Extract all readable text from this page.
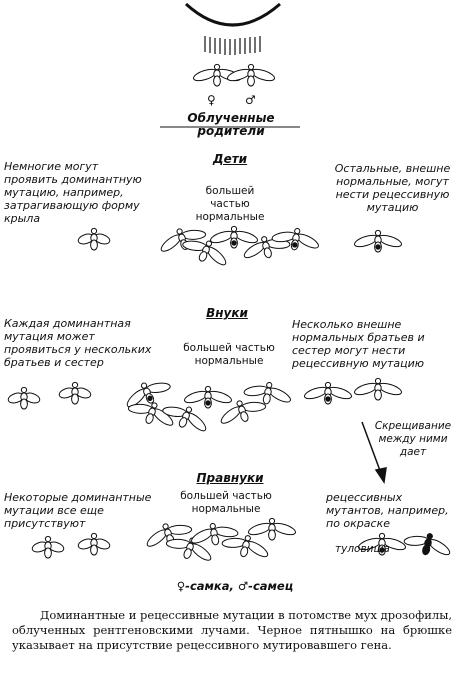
♀ ♂
Облученные родители
Дети
Немногие могут проявить доминантную мутацию, например, затрагивающую форму крыла
большей частью нормальные
Остальные, внешне нормальные, могут нести рецессивную мутацию
Внуки
Каждая доминантная мутация может проявиться у нескольких братьев и сестер
большей частью нормальные
Несколько внешне нормальных братьев и сестер могут нести рецессивную мутацию
Скрещивание между ними дает
Правнуки
Некоторые доминантные мутации все еще присутствуют
большей частью нормальные
рецессивных мутантов, например, по окраске
туловища
♀-самка, ♂-самец
Доминантные и рецессивные мутации в потомстве мух дрозофилы, облученных рентгеновскими лучами. Черное пятнышко на брюшке указывает на присутствие рецессивного мутировавшего гена.
